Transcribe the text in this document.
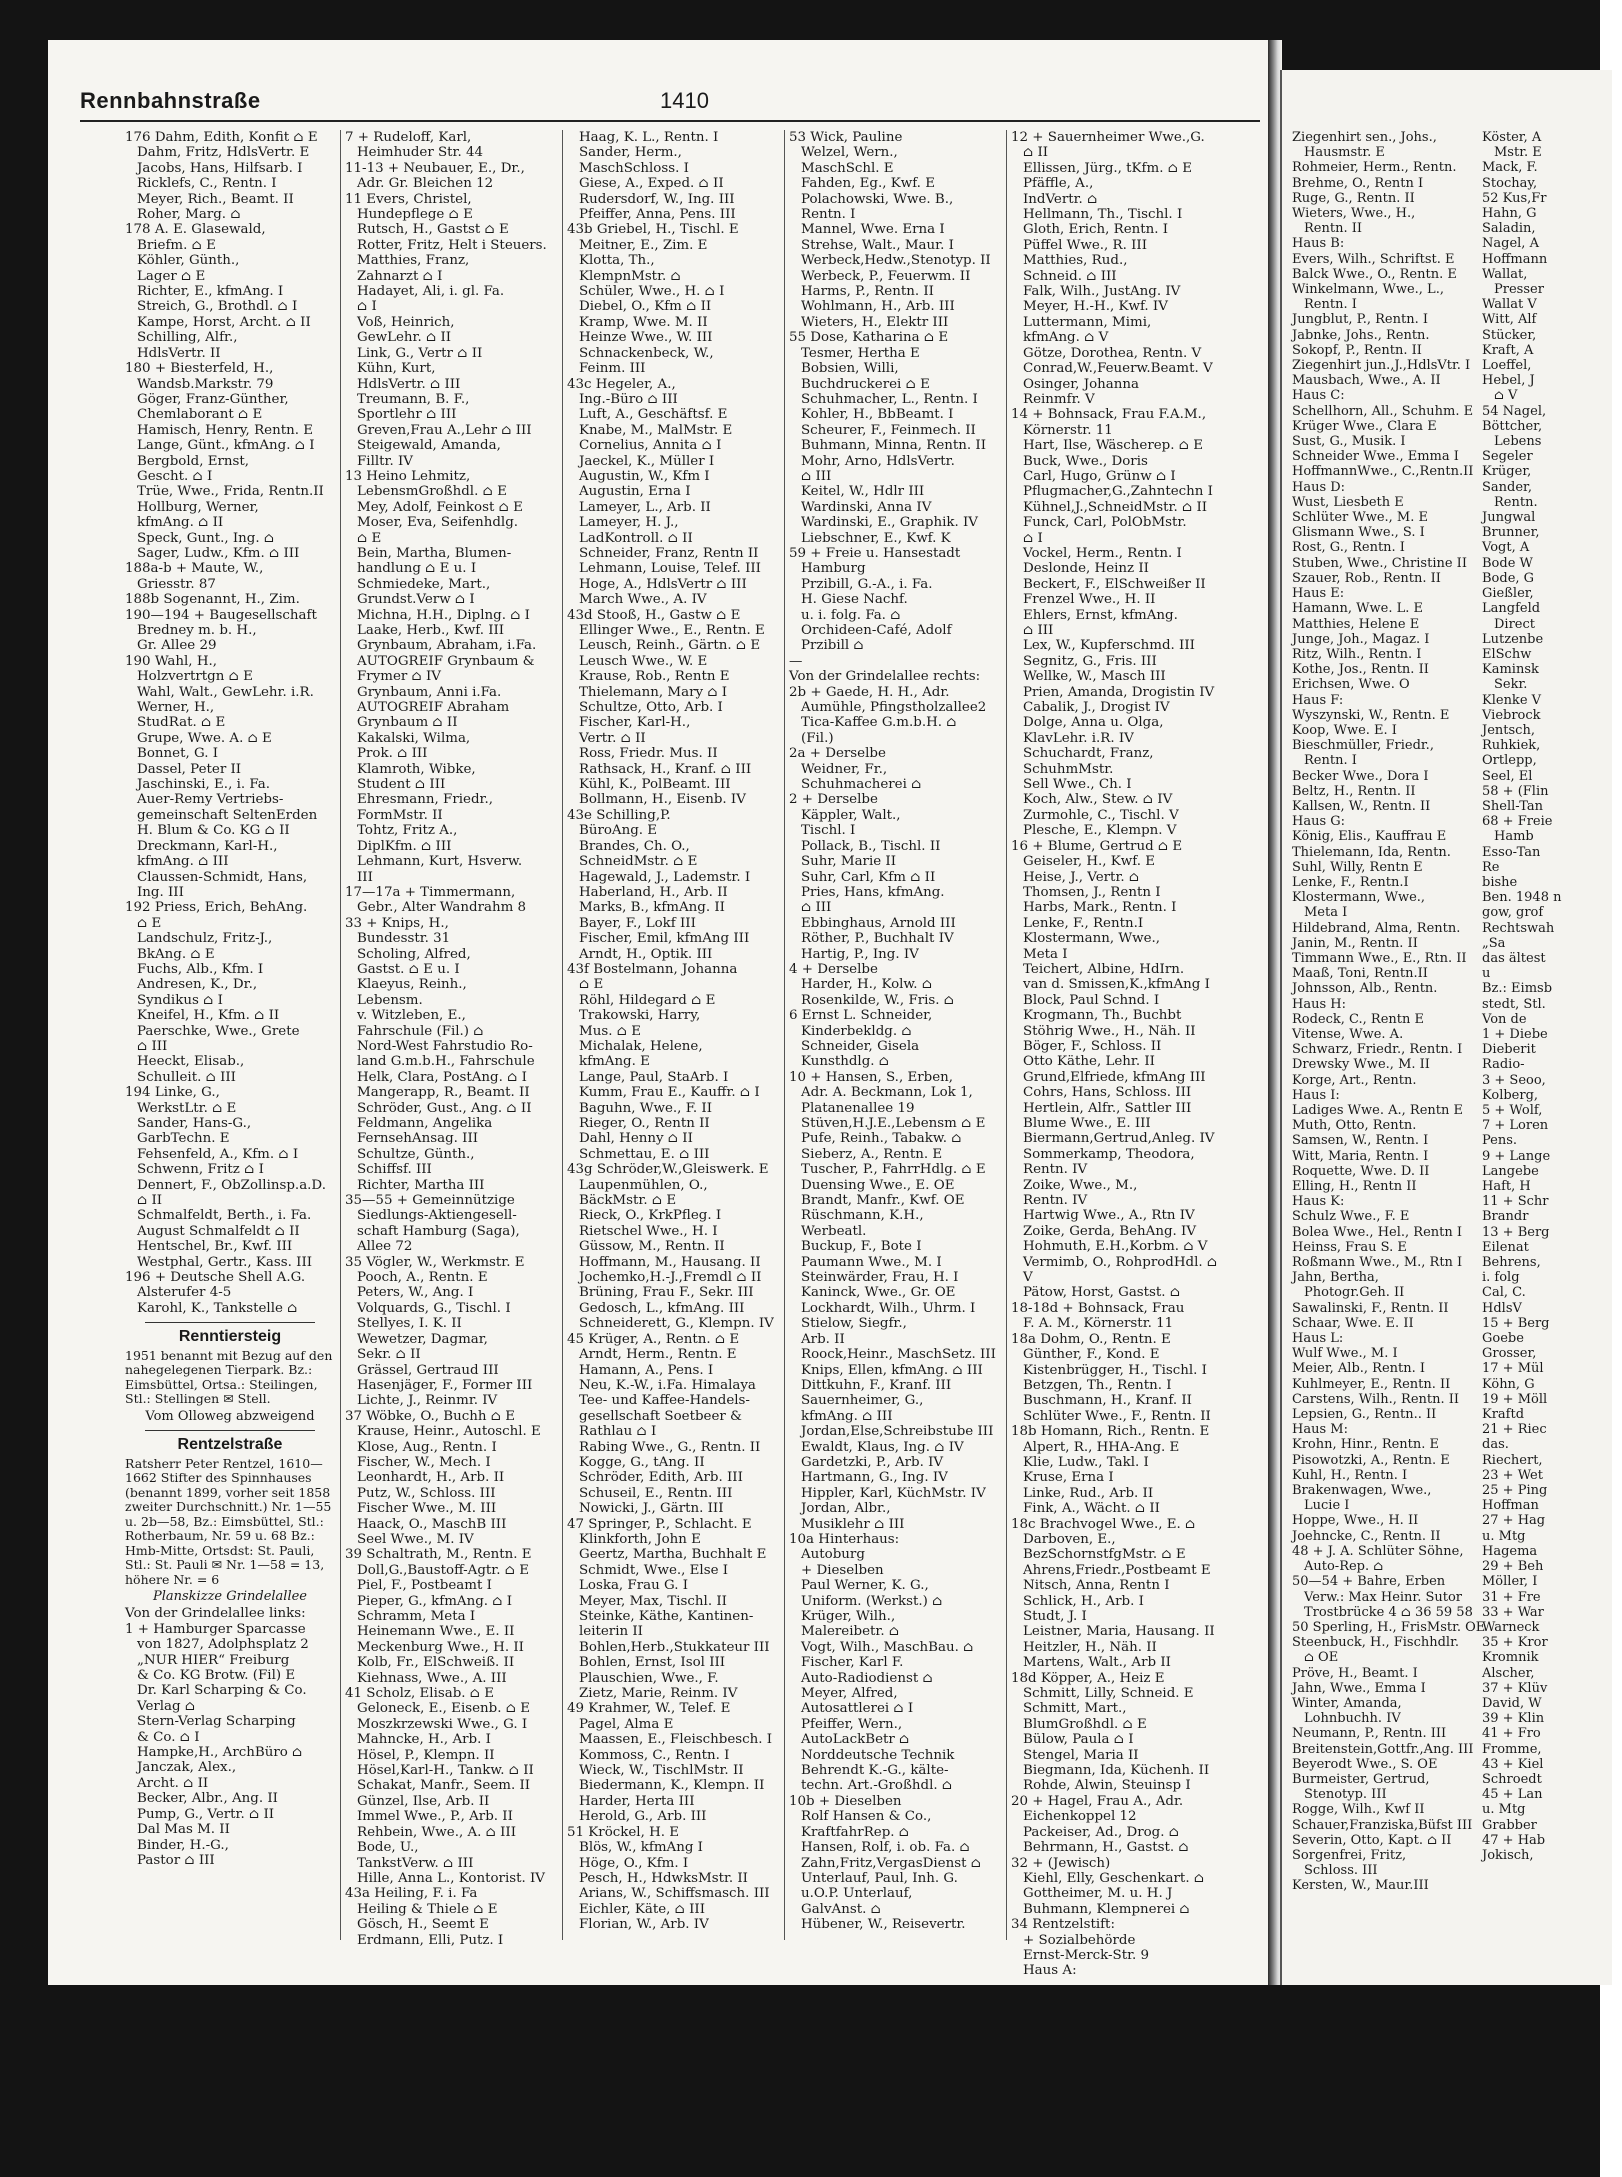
Ziegenhirt sen., Johs.,
Hausmstr. E
Rohmeier, Herm., Rentn.
Brehme, O., Rentn I
Ruge, G., Rentn. II
Wieters, Wwe., H.,
Rentn. II
Haus B:
Evers, Wilh., Schriftst. E
Balck Wwe., O., Rentn. E
Winkelmann, Wwe., L.,
Rentn. I
Jungblut, P., Rentn. I
Jabnke, Johs., Rentn.
Sokopf, P., Rentn. II
Ziegenhirt jun.,J.,HdlsVtr. I
Mausbach, Wwe., A. II
Haus C:
Schellhorn, All., Schuhm. E
Krüger Wwe., Clara E
Sust, G., Musik. I
Schneider Wwe., Emma I
HoffmannWwe., C.,Rentn.II
Haus D:
Wust, Liesbeth E
Schlüter Wwe., M. E
Glismann Wwe., S. I
Rost, G., Rentn. I
Stuben, Wwe., Christine II
Szauer, Rob., Rentn. II
Haus E:
Hamann, Wwe. L. E
Matthies, Helene E
Junge, Joh., Magaz. I
Ritz, Wilh., Rentn. I
Kothe, Jos., Rentn. II
Erichsen, Wwe. O
Haus F:
Wyszynski, W., Rentn. E
Koop, Wwe. E. I
Bieschmüller, Friedr.,
Rentn. I
Becker Wwe., Dora I
Beltz, H., Rentn. II
Kallsen, W., Rentn. II
Haus G:
König, Elis., Kauffrau E
Thielemann, Ida, Rentn.
Suhl, Willy, Rentn E
Lenke, F., Rentn.I
Klostermann, Wwe.,
Meta I
Hildebrand, Alma, Rentn.
Janin, M., Rentn. II
Timmann Wwe., E., Rtn. II
Maaß, Toni, Rentn.II
Johnsson, Alb., Rentn.
Haus H:
Rodeck, C., Rentn E
Vitense, Wwe. A.
Schwarz, Friedr., Rentn. I
Drewsky Wwe., M. II
Korge, Art., Rentn.
Haus I:
Ladiges Wwe. A., Rentn E
Muth, Otto, Rentn.
Samsen, W., Rentn. I
Witt, Maria, Rentn. I
Roquette, Wwe. D. II
Elling, H., Rentn II
Haus K:
Schulz Wwe., F. E
Bolea Wwe., Hel., Rentn I
Heinss, Frau S. E
Roßmann Wwe., M., Rtn I
Jahn, Bertha,
Photogr.Geh. II
Sawalinski, F., Rentn. II
Schaar, Wwe. E. II
Haus L:
Wulf Wwe., M. I
Meier, Alb., Rentn. I
Kuhlmeyer, E., Rentn. II
Carstens, Wilh., Rentn. II
Lepsien, G., Rentn.. II
Haus M:
Krohn, Hinr., Rentn. E
Pisowotzki, A., Rentn. E
Kuhl, H., Rentn. I
Brakenwagen, Wwe.,
Lucie I
Hoppe, Wwe., H. II
Joehncke, C., Rentn. II
48 + J. A. Schlüter Söhne,
Auto-Rep. ⌂
50—54 + Bahre, Erben
Verw.: Max Heinr. Sutor
Trostbrücke 4 ⌂ 36 59 58
50 Sperling, H., FrisMstr. OE
Steenbuck, H., Fischhdlr.
⌂ OE
Pröve, H., Beamt. I
Jahn, Wwe., Emma I
Winter, Amanda,
Lohnbuchh. IV
Neumann, P., Rentn. III
Breitenstein,Gottfr.,Ang. III
Beyerodt Wwe., S. OE
Burmeister, Gertrud,
Stenotyp. III
Rogge, Wilh., Kwf II
Schauer,Franziska,Büfst III
Severin, Otto, Kapt. ⌂ II
Sorgenfrei, Fritz,
Schloss. III
Kersten, W., Maur.III
Köster, A
Mstr. E
Mack, F.
Stochay,
52 Kus,Fr
Hahn, G
Saladin,
Nagel, A
Hoffmann
Wallat,
Presser
Wallat V
Witt, Alf
Stücker,
Kraft, A
Loeffel,
Hebel, J
⌂ V
54 Nagel,
Böttcher,
Lebens
Segeler
Krüger,
Sander,
Rentn.
Jungwal
Brunner,
Vogt, A
Bode W
Bode, G
Gießler,
Langfeld
Direct
Lutzenbe
ElSchw
Kaminsk
Sekr.
Klenke V
Viebrock
Jentsch,
Ruhkiek,
Ortlepp,
Seel, El
58 + (Flin
Shell-Tan
68 + Freie
Hamb
Esso-Tan
Re
bishe
Ben. 1948 n
gow, grof
Rechtswah
„Sa
das ältest
u
Bz.: Eimsb
stedt, Stl.
Von de
1 + Diebe
Dieberit
Radio-
3 + Seoo,
Kolberg,
5 + Wolf,
7 + Loren
Pens.
9 + Lange
Langebe
Haft, H
11 + Schr
Brandr
13 + Berg
Eilenat
Behrens,
i. folg
Cal, C.
HdlsV
15 + Berg
Goebe
Grosser,
17 + Mül
Köhn, G
19 + Möll
Kraftd
21 + Riec
das.
Riechert,
23 + Wet
25 + Ping
Hoffman
27 + Hag
u. Mtg
Hagema
29 + Beh
Möller, I
31 + Fre
33 + War
Warneck
35 + Kror
Kromnik
Alscher,
37 + Klüv
David, W
39 + Klin
41 + Fro
Fromme,
43 + Kiel
Schroedt
45 + Lan
u. Mtg
Grabber
47 + Hab
Jokisch,
Rennbahnstraße	1410
176 Dahm, Edith, Konfit ⌂ E
Dahm, Fritz, HdlsVertr. E
Jacobs, Hans, Hilfsarb. I
Ricklefs, C., Rentn. I
Meyer, Rich., Beamt. II
Roher, Marg. ⌂
178 A. E. Glasewald,
Briefm. ⌂ E
Köhler, Günth.,
Lager ⌂ E
Richter, E., kfmAng. I
Streich, G., Brothdl. ⌂ I
Kampe, Horst, Archt. ⌂ II
Schilling, Alfr.,
HdlsVertr. II
180 + Biesterfeld, H.,
Wandsb.Markstr. 79
Göger, Franz-Günther,
Chemlaborant ⌂ E
Hamisch, Henry, Rentn. E
Lange, Günt., kfmAng. ⌂ I
Bergbold, Ernst,
Gescht. ⌂ I
Trüe, Wwe., Frida, Rentn.II
Hollburg, Werner,
kfmAng. ⌂ II
Speck, Gunt., Ing. ⌂
Sager, Ludw., Kfm. ⌂ III
188a-b + Maute, W.,
Griesstr. 87
188b Sogenannt, H., Zim.
190—194 + Baugesellschaft
Bredney m. b. H.,
Gr. Allee 29
190 Wahl, H.,
Holzvertrtgn ⌂ E
Wahl, Walt., GewLehr. i.R.
Werner, H.,
StudRat. ⌂ E
Grupe, Wwe. A. ⌂ E
Bonnet, G. I
Dassel, Peter II
Jaschinski, E., i. Fa.
Auer-Remy Vertriebs-
gemeinschaft SeltenErden
H. Blum & Co. KG ⌂ II
Dreckmann, Karl-H.,
kfmAng. ⌂ III
Claussen-Schmidt, Hans,
Ing. III
192 Priess, Erich, BehAng.
⌂ E
Landschulz, Fritz-J.,
BkAng. ⌂ E
Fuchs, Alb., Kfm. I
Andresen, K., Dr.,
Syndikus ⌂ I
Kneifel, H., Kfm. ⌂ II
Paerschke, Wwe., Grete
⌂ III
Heeckt, Elisab.,
Schulleit. ⌂ III
194 Linke, G.,
WerkstLtr. ⌂ E
Sander, Hans-G.,
GarbTechn. E
Fehsenfeld, A., Kfm. ⌂ I
Schwenn, Fritz ⌂ I
Dennert, F., ObZollinsp.a.D.
⌂ II
Schmalfeldt, Berth., i. Fa.
August Schmalfeldt ⌂ II
Hentschel, Br., Kwf. III
Westphal, Gertr., Kass. III
196 + Deutsche Shell A.G.
Alsterufer 4-5
Karohl, K., Tankstelle ⌂
Renntiersteig
1951 benannt mit Bezug auf den nahegelegenen Tierpark. Bz.: Eimsbüttel, Ortsa.: Steilingen, Stl.: Stellingen ✉ Stell.
Vom Olloweg abzweigend
Rentzelstraße
Ratsherr Peter Rentzel, 1610—1662 Stifter des Spinnhauses (benannt 1899, vorher seit 1858 zweiter Durchschnitt.) Nr. 1—55 u. 2b—58, Bz.: Eimsbüttel, Stl.: Rotherbaum, Nr. 59 u. 68 Bz.: Hmb-Mitte, Ortsdst: St. Pauli, Stl.: St. Pauli ✉ Nr. 1—58 = 13, höhere Nr. = 6
Planskizze Grindelallee
Von der Grindelallee links:
1 + Hamburger Sparcasse
von 1827, Adolphsplatz 2
„NUR HIER“ Freiburg
& Co. KG Brotw. (Fil) E
Dr. Karl Scharping & Co.
Verlag ⌂
Stern-Verlag Scharping
& Co. ⌂ I
Hampke,H., ArchBüro ⌂
Janczak, Alex.,
Archt. ⌂ II
Becker, Albr., Ang. II
Pump, G., Vertr. ⌂ II
Dal Mas M. II
Binder, H.-G.,
Pastor ⌂ III
7 + Rudeloff, Karl,
Heimhuder Str. 44
11-13 + Neubauer, E., Dr.,
Adr. Gr. Bleichen 12
11 Evers, Christel,
Hundepflege ⌂ E
Rutsch, H., Gastst ⌂ E
Rotter, Fritz, Helt i Steuers.
Matthies, Franz,
Zahnarzt ⌂ I
Hadayet, Ali, i. gl. Fa.
⌂ I
Voß, Heinrich,
GewLehr. ⌂ II
Link, G., Vertr ⌂ II
Kühn, Kurt,
HdlsVertr. ⌂ III
Treumann, B. F.,
Sportlehr ⌂ III
Greven,Frau A.,Lehr ⌂ III
Steigewald, Amanda,
Filltr. IV
13 Heino Lehmitz,
LebensmGroßhdl. ⌂ E
Mey, Adolf, Feinkost ⌂ E
Moser, Eva, Seifenhdlg.
⌂ E
Bein, Martha, Blumen-
handlung ⌂ E u. I
Schmiedeke, Mart.,
Grundst.Verw ⌂ I
Michna, H.H., Diplng. ⌂ I
Laake, Herb., Kwf. III
Grynbaum, Abraham, i.Fa.
AUTOGREIF Grynbaum &
Frymer ⌂ IV
Grynbaum, Anni i.Fa.
AUTOGREIF Abraham
Grynbaum ⌂ II
Kakalski, Wilma,
Prok. ⌂ III
Klamroth, Wibke,
Student ⌂ III
Ehresmann, Friedr.,
FormMstr. II
Tohtz, Fritz A.,
DiplKfm. ⌂ III
Lehmann, Kurt, Hsverw.
III
17—17a + Timmermann,
Gebr., Alter Wandrahm 8
33 + Knips, H.,
Bundesstr. 31
Scholing, Alfred,
Gastst. ⌂ E u. I
Klaeyus, Reinh.,
Lebensm.
v. Witzleben, E.,
Fahrschule (Fil.) ⌂
Nord-West Fahrstudio Ro-
land G.m.b.H., Fahrschule
Helk, Clara, PostAng. ⌂ I
Mangerapp, R., Beamt. II
Schröder, Gust., Ang. ⌂ II
Feldmann, Angelika
FernsehAnsag. III
Schultze, Günth.,
Schiffsf. III
Richter, Martha III
35—55 + Gemeinnützige
Siedlungs-Aktiengesell-
schaft Hamburg (Saga),
Allee 72
35 Vögler, W., Werkmstr. E
Pooch, A., Rentn. E
Peters, W., Ang. I
Volquards, G., Tischl. I
Stellyes, I. K. II
Wewetzer, Dagmar,
Sekr. ⌂ II
Grässel, Gertraud III
Hasenjäger, F., Former III
Lichte, J., Reinmr. IV
37 Wöbke, O., Buchh ⌂ E
Krause, Heinr., Autoschl. E
Klose, Aug., Rentn. I
Fischer, W., Mech. I
Leonhardt, H., Arb. II
Putz, W., Schloss. III
Fischer Wwe., M. III
Haack, O., MaschB III
Seel Wwe., M. IV
39 Schaltrath, M., Rentn. E
Doll,G.,Baustoff-Agtr. ⌂ E
Piel, F., Postbeamt I
Pieper, G., kfmAng. ⌂ I
Schramm, Meta I
Heinemann Wwe., E. II
Meckenburg Wwe., H. II
Kolb, Fr., ElSchweiß. II
Kiehnass, Wwe., A. III
41 Scholz, Elisab. ⌂ E
Geloneck, E., Eisenb. ⌂ E
Moszkrzewski Wwe., G. I
Mahncke, H., Arb. I
Hösel, P., Klempn. II
Hösel,Karl-H., Tankw. ⌂ II
Schakat, Manfr., Seem. II
Günzel, Ilse, Arb. II
Immel Wwe., P., Arb. II
Rehbein, Wwe., A. ⌂ III
Bode, U.,
TankstVerw. ⌂ III
Hille, Anna L., Kontorist. IV
43a Heiling, F. i. Fa
Heiling & Thiele ⌂ E
Gösch, H., Seemt E
Erdmann, Elli, Putz. I
Haag, K. L., Rentn. I
Sander, Herm.,
MaschSchloss. I
Giese, A., Exped. ⌂ II
Rudersdorf, W., Ing. III
Pfeiffer, Anna, Pens. III
43b Griebel, H., Tischl. E
Meitner, E., Zim. E
Klotta, Th.,
KlempnMstr. ⌂
Schüler, Wwe., H. ⌂ I
Diebel, O., Kfm ⌂ II
Kramp, Wwe. M. II
Heinze Wwe., W. III
Schnackenbeck, W.,
Feinm. III
43c Hegeler, A.,
Ing.-Büro ⌂ III
Luft, A., Geschäftsf. E
Knabe, M., MalMstr. E
Cornelius, Annita ⌂ I
Jaeckel, K., Müller I
Augustin, W., Kfm I
Augustin, Erna I
Lameyer, L., Arb. II
Lameyer, H. J.,
LadKontroll. ⌂ II
Schneider, Franz, Rentn II
Lehmann, Louise, Telef. III
Hoge, A., HdlsVertr ⌂ III
March Wwe., A. IV
43d Stooß, H., Gastw ⌂ E
Ellinger Wwe., E., Rentn. E
Leusch, Reinh., Gärtn. ⌂ E
Leusch Wwe., W. E
Krause, Rob., Rentn E
Thielemann, Mary ⌂ I
Schultze, Otto, Arb. I
Fischer, Karl-H.,
Vertr. ⌂ II
Ross, Friedr. Mus. II
Rathsack, H., Kranf. ⌂ III
Kühl, K., PolBeamt. III
Bollmann, H., Eisenb. IV
43e Schilling,P.
BüroAng. E
Brandes, Ch. O.,
SchneidMstr. ⌂ E
Hagewald, J., Lademstr. I
Haberland, H., Arb. II
Marks, B., kfmAng. II
Bayer, F., Lokf III
Fischer, Emil, kfmAng III
Arndt, H., Optik. III
43f Bostelmann, Johanna
⌂ E
Röhl, Hildegard ⌂ E
Trakowski, Harry,
Mus. ⌂ E
Michalak, Helene,
kfmAng. E
Lange, Paul, StaArb. I
Kumm, Frau E., Kauffr. ⌂ I
Baguhn, Wwe., F. II
Rieger, O., Rentn II
Dahl, Henny ⌂ II
Schmettau, E. ⌂ III
43g Schröder,W.,Gleiswerk. E
Laupenmühlen, O.,
BäckMstr. ⌂ E
Rieck, O., KrkPfleg. I
Rietschel Wwe., H. I
Güssow, M., Rentn. II
Hoffmann, M., Hausang. II
Jochemko,H.-J.,Fremdl ⌂ II
Brüning, Frau F., Sekr. III
Gedosch, L., kfmAng. III
Schneiderett, G., Klempn. IV
45 Krüger, A., Rentn. ⌂ E
Arndt, Herm., Rentn. E
Hamann, A., Pens. I
Neu, K.-W., i.Fa. Himalaya
Tee- und Kaffee-Handels-
gesellschaft Soetbeer &
Rathlau ⌂ I
Rabing Wwe., G., Rentn. II
Kogge, G., tAng. II
Schröder, Edith, Arb. III
Schuseil, E., Rentn. III
Nowicki, J., Gärtn. III
47 Springer, P., Schlacht. E
Klinkforth, John E
Geertz, Martha, Buchhalt E
Schmidt, Wwe., Else I
Loska, Frau G. I
Meyer, Max, Tischl. II
Steinke, Käthe, Kantinen-
leiterin II
Bohlen,Herb.,Stukkateur III
Bohlen, Ernst, Isol III
Plauschien, Wwe., F.
Zietz, Marie, Reinm. IV
49 Krahmer, W., Telef. E
Pagel, Alma E
Maassen, E., Fleischbesch. I
Kommoss, C., Rentn. I
Wieck, W., TischlMstr. II
Biedermann, K., Klempn. II
Harder, Herta III
Herold, G., Arb. III
51 Kröckel, H. E
Blös, W., kfmAng I
Höge, O., Kfm. I
Pesch, H., HdwksMstr. II
Arians, W., Schiffsmasch. III
Eichler, Käte, ⌂ III
Florian, W., Arb. IV
53 Wick, Pauline
Welzel, Wern.,
MaschSchl. E
Fahden, Eg., Kwf. E
Polachowski, Wwe. B.,
Rentn. I
Mannel, Wwe. Erna I
Strehse, Walt., Maur. I
Werbeck,Hedw.,Stenotyp. II
Werbeck, P., Feuerwm. II
Harms, P., Rentn. II
Wohlmann, H., Arb. III
Wieters, H., Elektr III
55 Dose, Katharina ⌂ E
Tesmer, Hertha E
Bobsien, Willi,
Buchdruckerei ⌂ E
Schuhmacher, L., Rentn. I
Kohler, H., BbBeamt. I
Scheurer, F., Feinmech. II
Buhmann, Minna, Rentn. II
Mohr, Arno, HdlsVertr.
⌂ III
Keitel, W., Hdlr III
Wardinski, Anna IV
Wardinski, E., Graphik. IV
Liebschner, E., Kwf. K
59 + Freie u. Hansestadt
Hamburg
Przibill, G.-A., i. Fa.
H. Giese Nachf.
u. i. folg. Fa. ⌂
Orchideen-Café, Adolf
Przibill ⌂
—
Von der Grindelallee rechts:
2b + Gaede, H. H., Adr.
Aumühle, Pfingstholzallee2
Tica-Kaffee G.m.b.H. ⌂
(Fil.)
2a + Derselbe
Weidner, Fr.,
Schuhmacherei ⌂
2 + Derselbe
Käppler, Walt.,
Tischl. I
Pollack, B., Tischl. II
Suhr, Marie II
Suhr, Carl, Kfm ⌂ II
Pries, Hans, kfmAng.
⌂ III
Ebbinghaus, Arnold III
Röther, P., Buchhalt IV
Hartig, P., Ing. IV
4 + Derselbe
Harder, H., Kolw. ⌂
Rosenkilde, W., Fris. ⌂
6 Ernst L. Schneider,
Kinderbekldg. ⌂
Schneider, Gisela
Kunsthdlg. ⌂
10 + Hansen, S., Erben,
Adr. A. Beckmann, Lok 1,
Platanenallee 19
Stüven,H.J.E.,Lebensm ⌂ E
Pufe, Reinh., Tabakw. ⌂
Sieberz, A., Rentn. E
Tuscher, P., FahrrHdlg. ⌂ E
Duensing Wwe., E. OE
Brandt, Manfr., Kwf. OE
Rüschmann, K.H.,
Werbeatl.
Buckup, F., Bote I
Paumann Wwe., M. I
Steinwärder, Frau, H. I
Kaninck, Wwe., Gr. OE
Lockhardt, Wilh., Uhrm. I
Stielow, Siegfr.,
Arb. II
Roock,Heinr., MaschSetz. III
Knips, Ellen, kfmAng. ⌂ III
Dittkuhn, F., Kranf. III
Sauernheimer, G.,
kfmAng. ⌂ III
Jordan,Else,Schreibstube III
Ewaldt, Klaus, Ing. ⌂ IV
Gardetzki, P., Arb. IV
Hartmann, G., Ing. IV
Hippler, Karl, KüchMstr. IV
Jordan, Albr.,
Musiklehr ⌂ III
10a Hinterhaus:
Autoburg
+ Dieselben
Paul Werner, K. G.,
Uniform. (Werkst.) ⌂
Krüger, Wilh.,
Malereibetr. ⌂
Vogt, Wilh., MaschBau. ⌂
Fischer, Karl F.
Auto-Radiodienst ⌂
Meyer, Alfred,
Autosattlerei ⌂ I
Pfeiffer, Wern.,
AutoLackBetr ⌂
Norddeutsche Technik
Behrendt K.-G., kälte-
techn. Art.-Großhdl. ⌂
10b + Dieselben
Rolf Hansen & Co.,
KraftfahrRep. ⌂
Hansen, Rolf, i. ob. Fa. ⌂
Zahn,Fritz,VergasDienst ⌂
Unterlauf, Paul, Inh. G.
u.O.P. Unterlauf,
GalvAnst. ⌂
Hübener, W., Reisevertr.
12 + Sauernheimer Wwe.,G.
⌂ II
Ellissen, Jürg., tKfm. ⌂ E
Pfäffle, A.,
IndVertr. ⌂
Hellmann, Th., Tischl. I
Gloth, Erich, Rentn. I
Püffel Wwe., R. III
Matthies, Rud.,
Schneid. ⌂ III
Falk, Wilh., JustAng. IV
Meyer, H.-H., Kwf. IV
Luttermann, Mimi,
kfmAng. ⌂ V
Götze, Dorothea, Rentn. V
Conrad,W.,Feuerw.Beamt. V
Osinger, Johanna
Reinmfr. V
14 + Bohnsack, Frau F.A.M.,
Körnerstr. 11
Hart, Ilse, Wäscherep. ⌂ E
Buck, Wwe., Doris
Carl, Hugo, Grünw ⌂ I
Pflugmacher,G.,Zahntechn I
Kühnel,J.,SchneidMstr. ⌂ II
Funck, Carl, PolObMstr.
⌂ I
Vockel, Herm., Rentn. I
Deslonde, Heinz II
Beckert, F., ElSchweißer II
Frenzel Wwe., H. II
Ehlers, Ernst, kfmAng.
⌂ III
Lex, W., Kupferschmd. III
Segnitz, G., Fris. III
Wellke, W., Masch III
Prien, Amanda, Drogistin IV
Cabalik, J., Drogist IV
Dolge, Anna u. Olga,
KlavLehr. i.R. IV
Schuchardt, Franz,
SchuhmMstr.
Sell Wwe., Ch. I
Koch, Alw., Stew. ⌂ IV
Zurmohle, C., Tischl. V
Plesche, E., Klempn. V
16 + Blume, Gertrud ⌂ E
Geiseler, H., Kwf. E
Heise, J., Vertr. ⌂
Thomsen, J., Rentn I
Harbs, Mark., Rentn. I
Lenke, F., Rentn.I
Klostermann, Wwe.,
Meta I
Teichert, Albine, HdIrn.
van d. Smissen,K.,kfmAng I
Block, Paul Schnd. I
Krogmann, Th., Buchbt
Stöhrig Wwe., H., Näh. II
Böger, F., Schloss. II
Otto Käthe, Lehr. II
Grund,Elfriede, kfmAng III
Cohrs, Hans, Schloss. III
Hertlein, Alfr., Sattler III
Blume Wwe., E. III
Biermann,Gertrud,Anleg. IV
Sommerkamp, Theodora,
Rentn. IV
Zoike, Wwe., M.,
Rentn. IV
Hartwig Wwe., A., Rtn IV
Zoike, Gerda, BehAng. IV
Hohmuth, E.H.,Korbm. ⌂ V
Vermimb, O., RohprodHdl. ⌂
V
Pätow, Horst, Gastst. ⌂
18-18d + Bohnsack, Frau
F. A. M., Körnerstr. 11
18a Dohm, O., Rentn. E
Günther, F., Kond. E
Kistenbrügger, H., Tischl. I
Betzgen, Th., Rentn. I
Buschmann, H., Kranf. II
Schlüter Wwe., F., Rentn. II
18b Homann, Rich., Rentn. E
Alpert, R., HHA-Ang. E
Klie, Ludw., Takl. I
Kruse, Erna I
Linke, Rud., Arb. II
Fink, A., Wächt. ⌂ II
18c Brachvogel Wwe., E. ⌂
Darboven, E.,
BezSchornstfgMstr. ⌂ E
Ahrens,Friedr.,Postbeamt E
Nitsch, Anna, Rentn I
Schlick, H., Arb. I
Studt, J. I
Leistner, Maria, Hausang. II
Heitzler, H., Näh. II
Martens, Walt., Arb II
18d Köpper, A., Heiz E
Schmitt, Lilly, Schneid. E
Schmitt, Mart.,
BlumGroßhdl. ⌂ E
Bülow, Paula ⌂ I
Stengel, Maria II
Biegmann, Ida, Küchenh. II
Rohde, Alwin, Steuinsp I
20 + Hagel, Frau A., Adr.
Eichenkoppel 12
Packeiser, Ad., Drog. ⌂
Behrmann, H., Gastst. ⌂
32 + (Jewisch)
Kiehl, Elly, Geschenkart. ⌂
Gottheimer, M. u. H. J
Buhmann, Klempnerei ⌂
34 Rentzelstift:
+ Sozialbehörde
Ernst-Merck-Str. 9
Haus A:
